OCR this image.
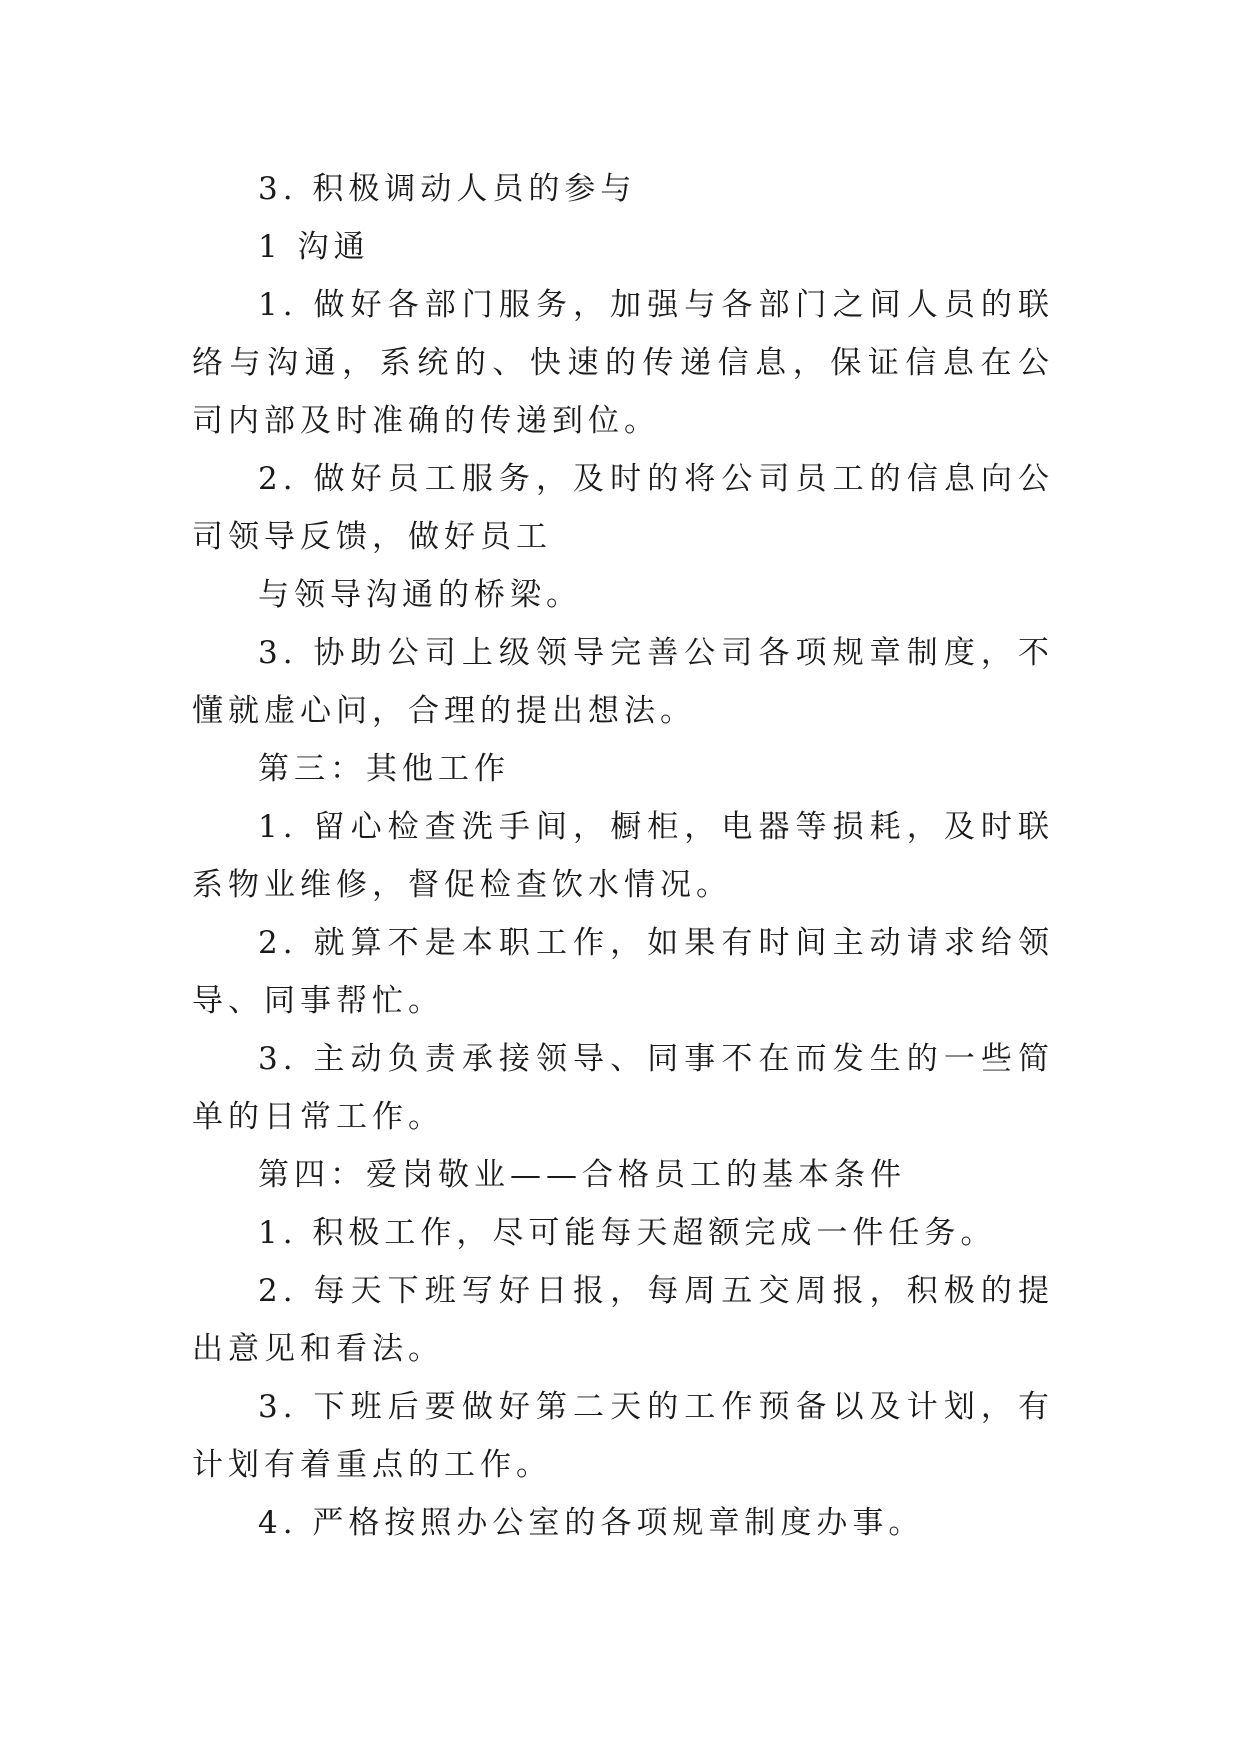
3. 积极调动人员的参与

1 沟通

1. 做好各部门服务，加强与各部门之间人员的联络与沟通，系统的、快速的传递信息，保证信息在公司内部及时准确的传递到位。

2. 做好员工服务，及时的将公司员工的信息向公司领导反馈，做好员工

与领导沟通的桥梁。

3. 协助公司上级领导完善公司各项规章制度，不懂就虚心问，合理的提出想法。

第三：其他工作

1. 留心检查洗手间，橱柜，电器等损耗，及时联系物业维修，督促检查饮水情况。

2. 就算不是本职工作，如果有时间主动请求给领导、同事帮忙。

3. 主动负责承接领导、同事不在而发生的一些简单的日常工作。

第四：爱岗敬业——合格员工的基本条件

1. 积极工作，尽可能每天超额完成一件任务。

2. 每天下班写好日报，每周五交周报，积极的提出意见和看法。

3. 下班后要做好第二天的工作预备以及计划，有计划有着重点的工作。

4. 严格按照办公室的各项规章制度办事。
